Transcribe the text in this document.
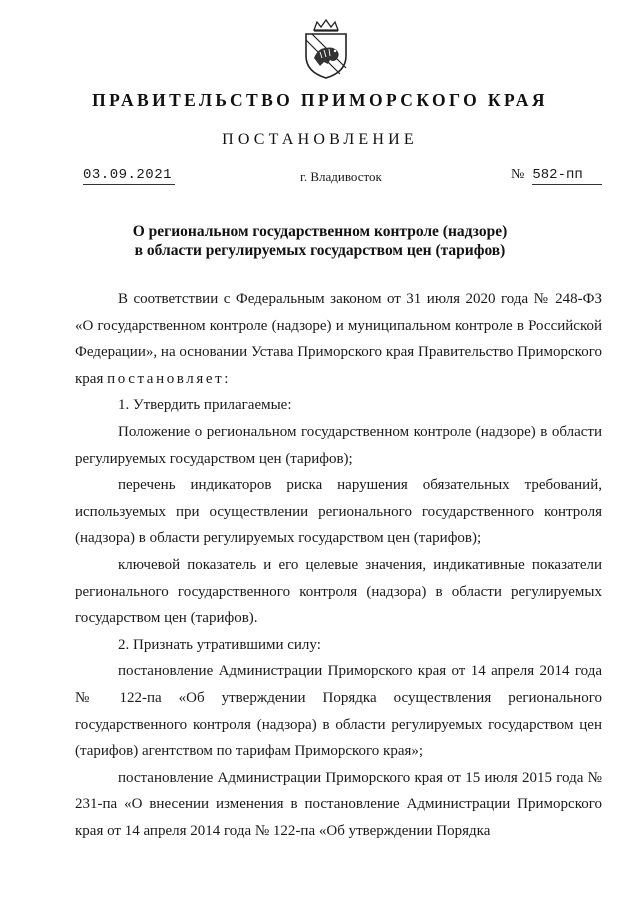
ПРАВИТЕЛЬСТВО ПРИМОРСКОГО КРАЯ
ПОСТАНОВЛЕНИЕ
03.09.2021	г. Владивосток	№ 582-пп
О региональном государственном контроле (надзоре)
в области регулируемых государством цен (тарифов)

В соответствии с Федеральным законом от 31 июля 2020 года № 248-ФЗ «О государственном контроле (надзоре) и муниципальном контроле в Российской Федерации», на основании Устава Приморского края Правительство Приморского края постановляет:

1. Утвердить прилагаемые:

Положение о региональном государственном контроле (надзоре) в области регулируемых государством цен (тарифов);

перечень индикаторов риска нарушения обязательных требований, используемых при осуществлении регионального государственного контроля (надзора) в области регулируемых государством цен (тарифов);

ключевой показатель и его целевые значения, индикативные показатели регионального государственного контроля (надзора) в области регулируемых государством цен (тарифов).

2. Признать утратившими силу:

постановление Администрации Приморского края от 14 апреля 2014 года № 122-па «Об утверждении Порядка осуществления регионального государственного контроля (надзора) в области регулируемых государством цен (тарифов) агентством по тарифам Приморского края»;

постановление Администрации Приморского края от 15 июля 2015 года № 231-па «О внесении изменения в постановление Администрации Приморского края от 14 апреля 2014 года № 122-па «Об утверждении Порядка
